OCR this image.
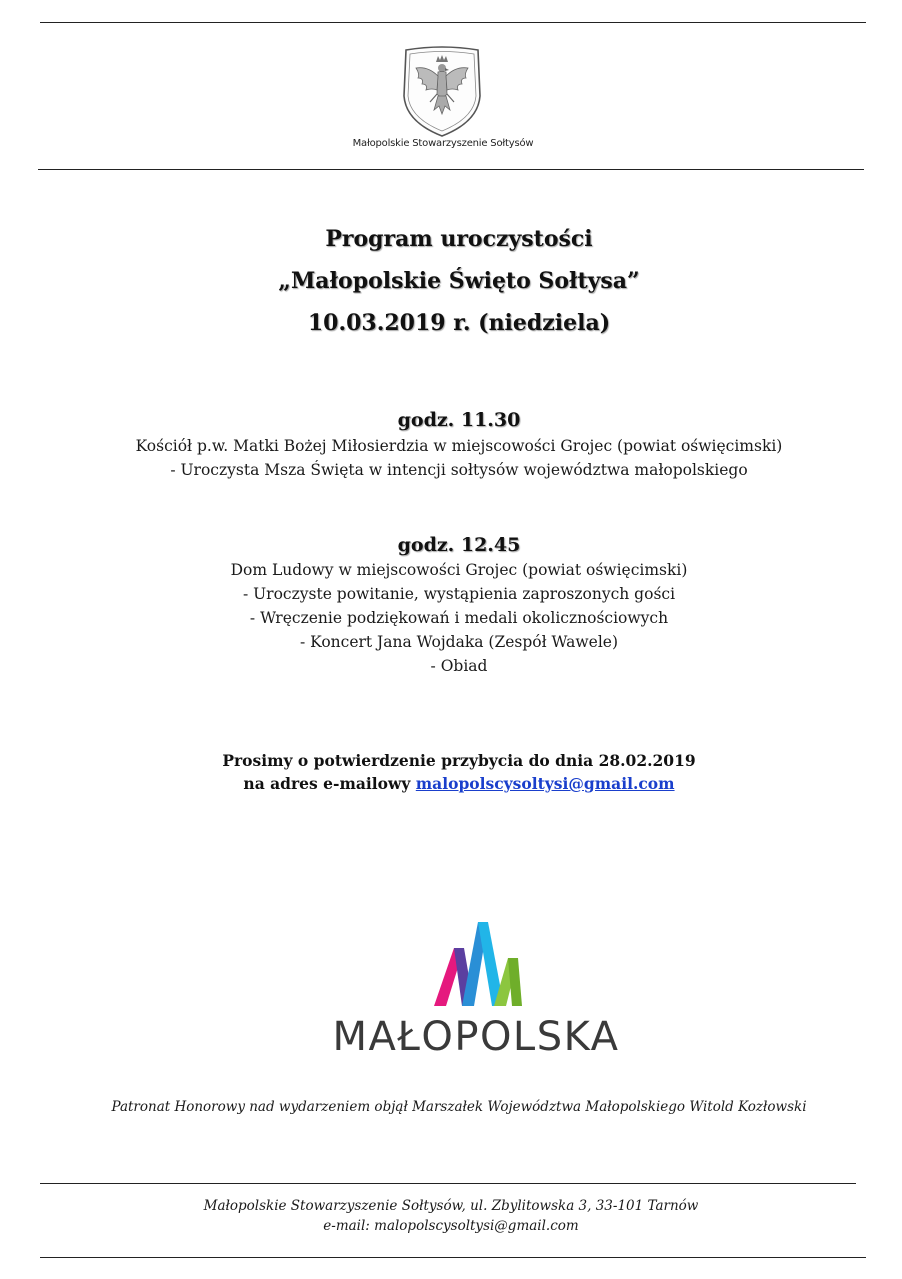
Małopolskie Stowarzyszenie Sołtysów
Program uroczystości
„Małopolskie Święto Sołtysa”
10.03.2019 r. (niedziela)
godz. 11.30
Kościół p.w. Matki Bożej Miłosierdzia w miejscowości Grojec (powiat oświęcimski)
- Uroczysta Msza Święta w intencji sołtysów województwa małopolskiego
godz. 12.45
Dom Ludowy w miejscowości Grojec (powiat oświęcimski)
- Uroczyste powitanie, wystąpienia zaproszonych gości
- Wręczenie podziękowań i medali okolicznościowych
- Koncert Jana Wojdaka (Zespół Wawele)
- Obiad
Prosimy o potwierdzenie przybycia do dnia 28.02.2019
na adres e-mailowy malopolscysoltysi@gmail.com
MAŁOPOLSKA
Patronat Honorowy nad wydarzeniem objął Marszałek Województwa Małopolskiego Witold Kozłowski
Małopolskie Stowarzyszenie Sołtysów, ul. Zbylitowska 3, 33-101 Tarnów
e-mail: malopolscysoltysi@gmail.com
